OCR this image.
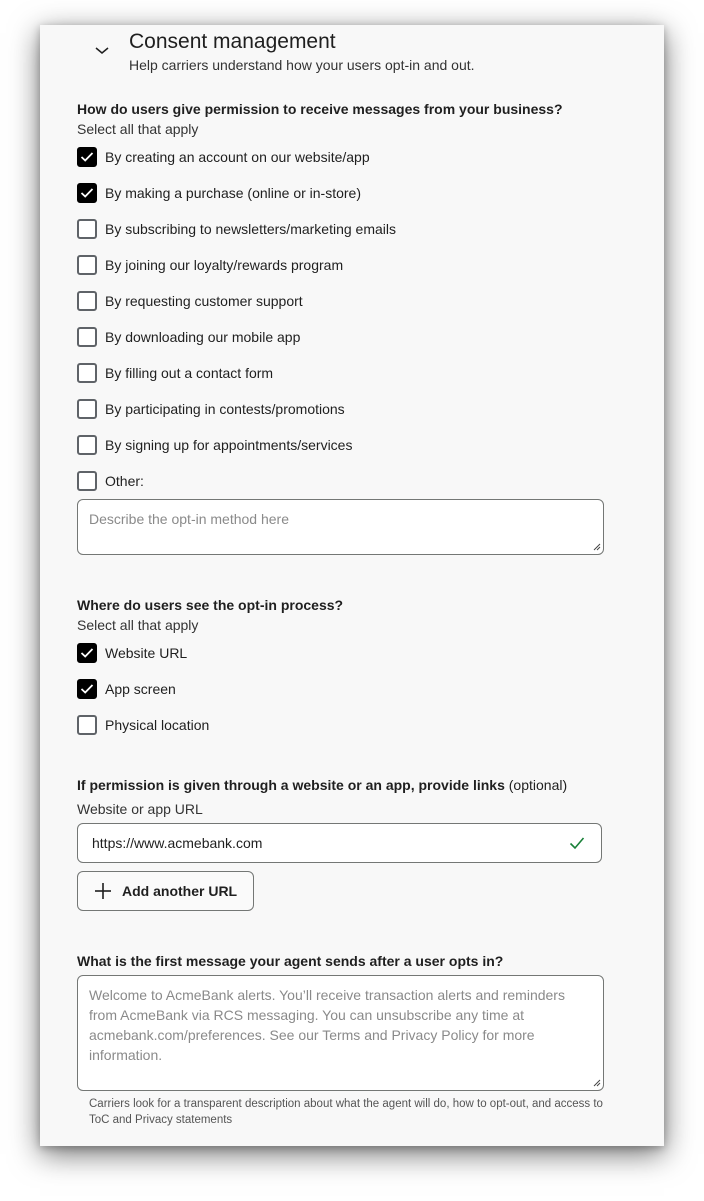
Consent management
Help carriers understand how your users opt-in and out.
How do users give permission to receive messages from your business?
Select all that apply
By creating an account on our website/app
By making a purchase (online or in-store)
By subscribing to newsletters/marketing emails
By joining our loyalty/rewards program
By requesting customer support
By downloading our mobile app
By filling out a contact form
By participating in contests/promotions
By signing up for appointments/services
Other:
Describe the opt-in method here
Where do users see the opt-in process?
Select all that apply
Website URL
App screen
Physical location
If permission is given through a website or an app, provide links (optional)
Website or app URL
https://www.acmebank.com
Add another URL
What is the first message your agent sends after a user opts in?
Welcome to AcmeBank alerts. You’ll receive transaction alerts and reminders from AcmeBank via RCS messaging. You can unsubscribe any time at acmebank.com/preferences. See our Terms and Privacy Policy for more information.
Carriers look for a transparent description about what the agent will do, how to opt-out, and access to ToC and Privacy statements
